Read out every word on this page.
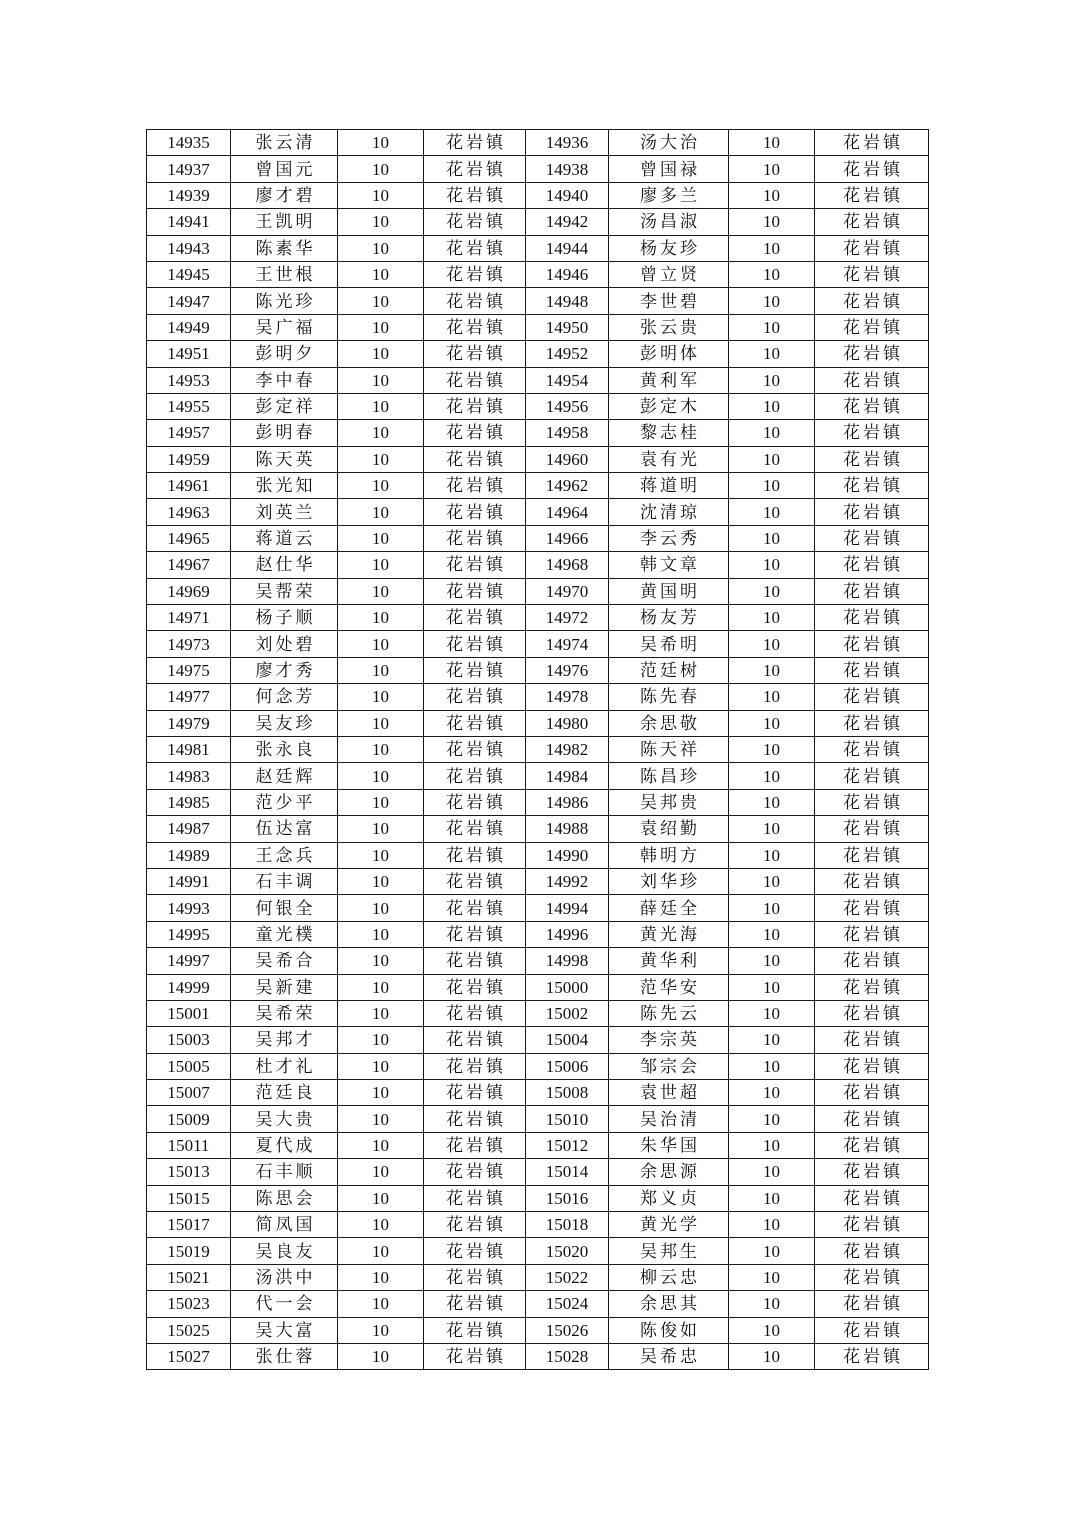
14935	张云清	10	花岩镇	14936	汤大治	10	花岩镇
14937	曾国元	10	花岩镇	14938	曾国禄	10	花岩镇
14939	廖才碧	10	花岩镇	14940	廖多兰	10	花岩镇
14941	王凯明	10	花岩镇	14942	汤昌淑	10	花岩镇
14943	陈素华	10	花岩镇	14944	杨友珍	10	花岩镇
14945	王世根	10	花岩镇	14946	曾立贤	10	花岩镇
14947	陈光珍	10	花岩镇	14948	李世碧	10	花岩镇
14949	吴广福	10	花岩镇	14950	张云贵	10	花岩镇
14951	彭明夕	10	花岩镇	14952	彭明体	10	花岩镇
14953	李中春	10	花岩镇	14954	黄利军	10	花岩镇
14955	彭定祥	10	花岩镇	14956	彭定木	10	花岩镇
14957	彭明春	10	花岩镇	14958	黎志桂	10	花岩镇
14959	陈天英	10	花岩镇	14960	袁有光	10	花岩镇
14961	张光知	10	花岩镇	14962	蒋道明	10	花岩镇
14963	刘英兰	10	花岩镇	14964	沈清琼	10	花岩镇
14965	蒋道云	10	花岩镇	14966	李云秀	10	花岩镇
14967	赵仕华	10	花岩镇	14968	韩文章	10	花岩镇
14969	吴帮荣	10	花岩镇	14970	黄国明	10	花岩镇
14971	杨子顺	10	花岩镇	14972	杨友芳	10	花岩镇
14973	刘处碧	10	花岩镇	14974	吴希明	10	花岩镇
14975	廖才秀	10	花岩镇	14976	范廷树	10	花岩镇
14977	何念芳	10	花岩镇	14978	陈先春	10	花岩镇
14979	吴友珍	10	花岩镇	14980	余思敬	10	花岩镇
14981	张永良	10	花岩镇	14982	陈天祥	10	花岩镇
14983	赵廷辉	10	花岩镇	14984	陈昌珍	10	花岩镇
14985	范少平	10	花岩镇	14986	吴邦贵	10	花岩镇
14987	伍达富	10	花岩镇	14988	袁绍勤	10	花岩镇
14989	王念兵	10	花岩镇	14990	韩明方	10	花岩镇
14991	石丰调	10	花岩镇	14992	刘华珍	10	花岩镇
14993	何银全	10	花岩镇	14994	薛廷全	10	花岩镇
14995	童光樸	10	花岩镇	14996	黄光海	10	花岩镇
14997	吴希合	10	花岩镇	14998	黄华利	10	花岩镇
14999	吴新建	10	花岩镇	15000	范华安	10	花岩镇
15001	吴希荣	10	花岩镇	15002	陈先云	10	花岩镇
15003	吴邦才	10	花岩镇	15004	李宗英	10	花岩镇
15005	杜才礼	10	花岩镇	15006	邹宗会	10	花岩镇
15007	范廷良	10	花岩镇	15008	袁世超	10	花岩镇
15009	吴大贵	10	花岩镇	15010	吴治清	10	花岩镇
15011	夏代成	10	花岩镇	15012	朱华国	10	花岩镇
15013	石丰顺	10	花岩镇	15014	余思源	10	花岩镇
15015	陈思会	10	花岩镇	15016	郑义贞	10	花岩镇
15017	简凤国	10	花岩镇	15018	黄光学	10	花岩镇
15019	吴良友	10	花岩镇	15020	吴邦生	10	花岩镇
15021	汤洪中	10	花岩镇	15022	柳云忠	10	花岩镇
15023	代一会	10	花岩镇	15024	余思其	10	花岩镇
15025	吴大富	10	花岩镇	15026	陈俊如	10	花岩镇
15027	张仕蓉	10	花岩镇	15028	吴希忠	10	花岩镇
